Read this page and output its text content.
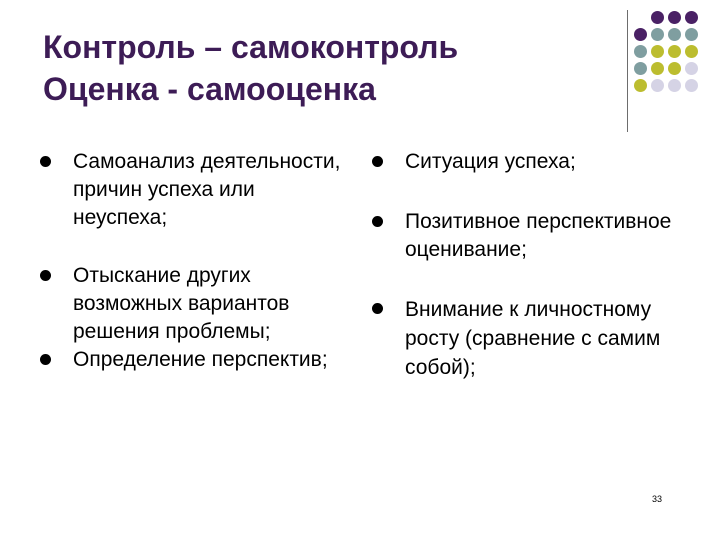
Контроль – самоконтроль
Оценка - самооценка
Самоанализ деятельности, причин успеха или неуспеха;
Отыскание других возможных вариантов решения проблемы;
Определение перспектив;
Ситуация успеха;
Позитивное перспективное оценивание;
Внимание к личностному росту (сравнение с самим собой);
33
